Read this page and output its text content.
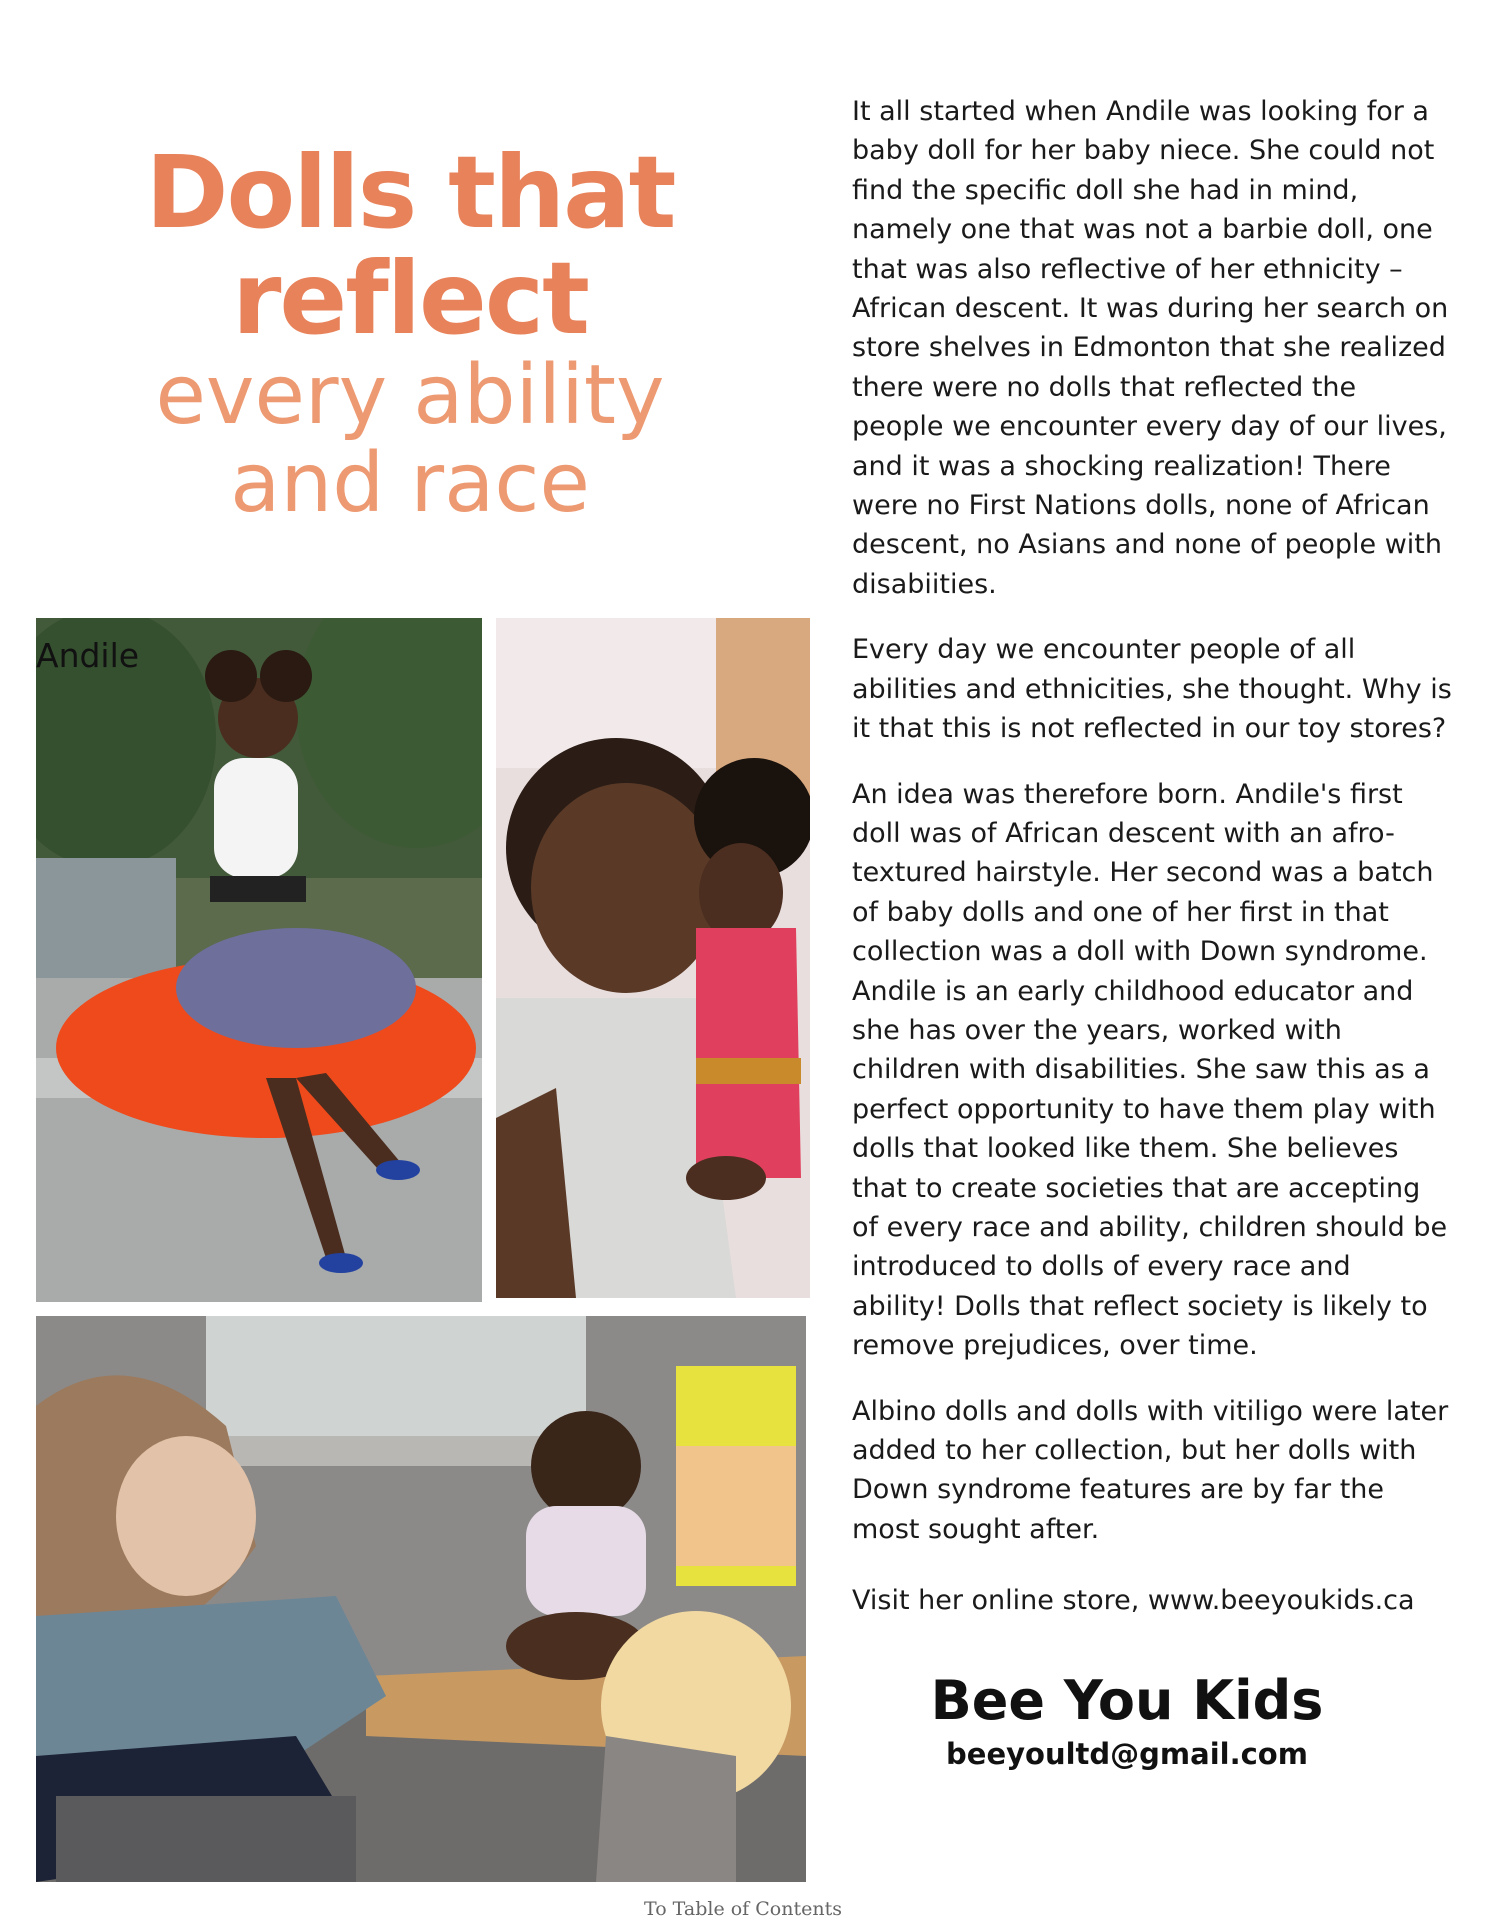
Dolls that
reflect
every ability
and race
Andile

It all started when Andile was looking for a baby doll for her baby niece. She could not find the specific doll she had in mind, namely one that was not a barbie doll, one that was also reflective of her ethnicity – African descent. It was during her search on store shelves in Edmonton that she realized there were no dolls that reflected the people we encounter every day of our lives, and it was a shocking realization! There were no First Nations dolls, none of African descent, no Asians and none of people with disabiities.

Every day we encounter people of all abilities and ethnicities, she thought. Why is it that this is not reflected in our toy stores?

An idea was therefore born. Andile's first doll was of African descent with an afro-textured hairstyle. Her second was a batch of baby dolls and one of her first in that collection was a doll with Down syndrome. Andile is an early childhood educator and she has over the years, worked with children with disabilities. She saw this as a perfect opportunity to have them play with dolls that looked like them. She believes that to create societies that are accepting of every race and ability, children should be introduced to dolls of every race and ability! Dolls that reflect society is likely to remove prejudices, over time.

Albino dolls and dolls with vitiligo were later added to her collection, but her dolls with Down syndrome features are by far the most sought after.

Visit her online store, www.beeyoukids.ca

Bee You Kids
beeyoultd@gmail.com
To Table of Contents
